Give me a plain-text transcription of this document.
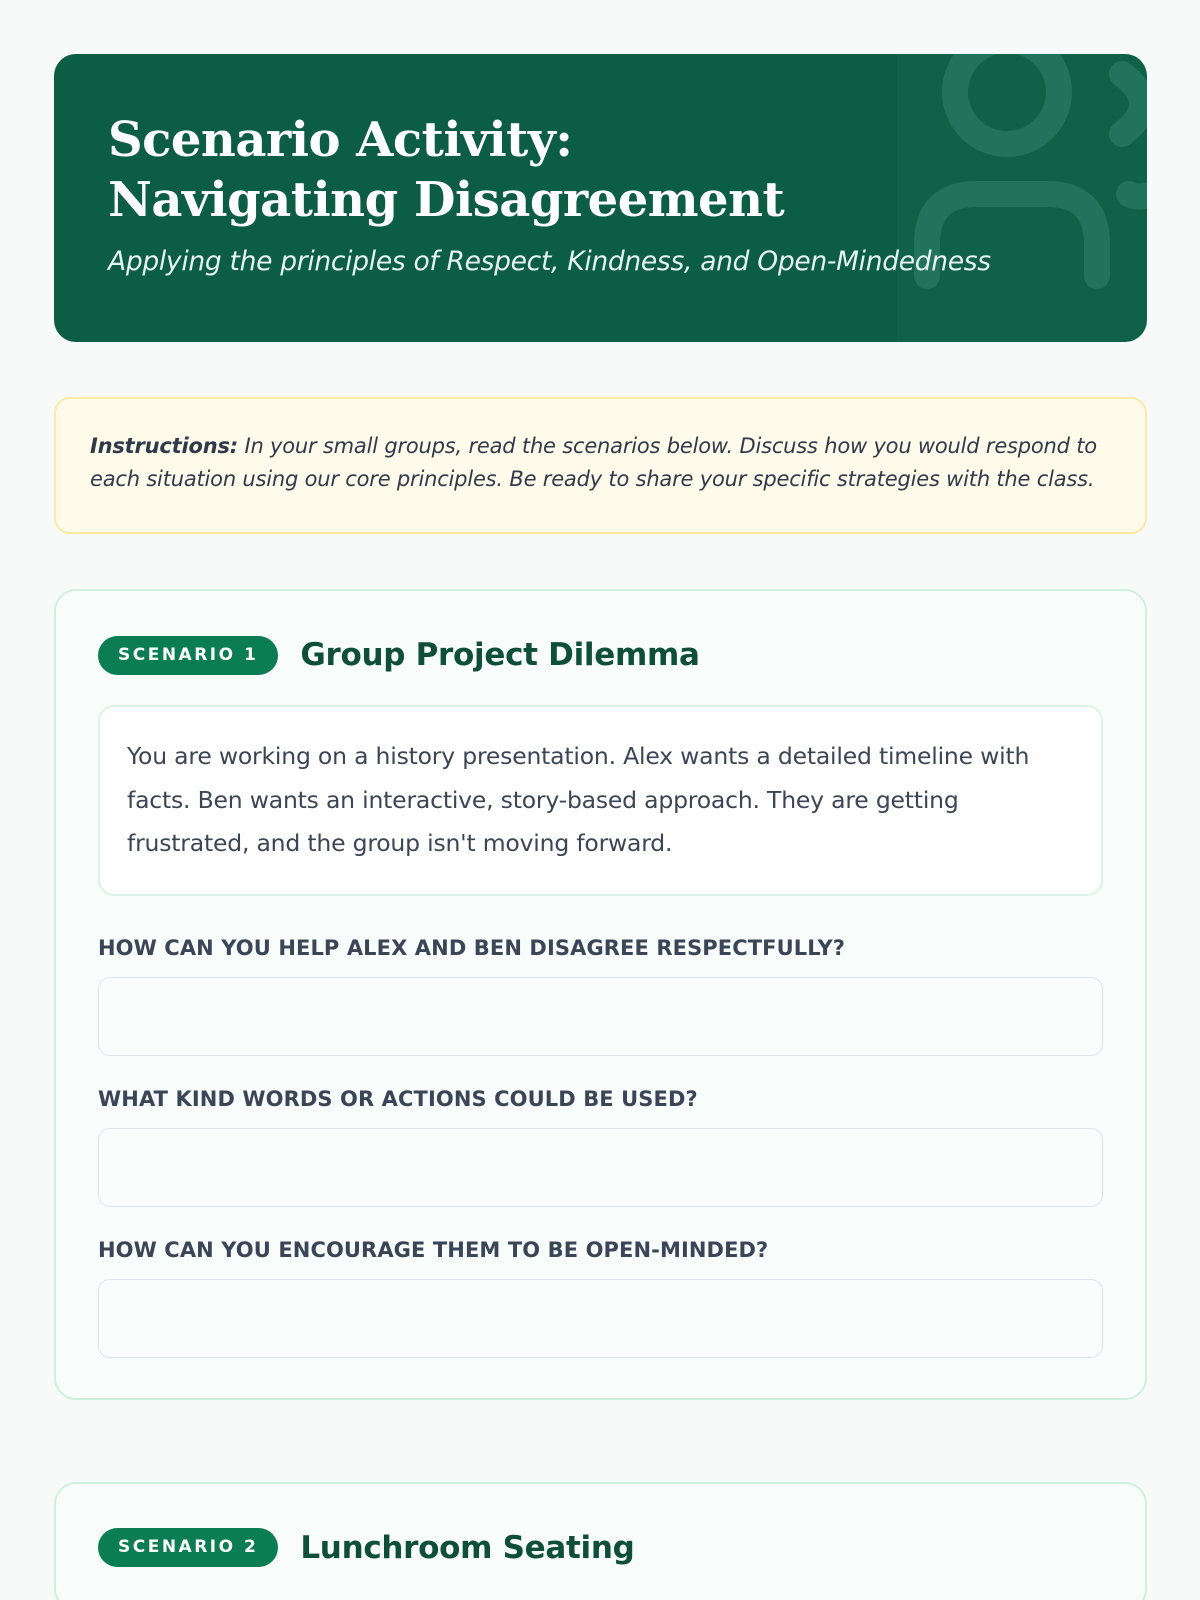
Scenario Activity: Navigating Disagreement

Applying the principles of Respect, Kindness, and Open-Mindedness

Instructions: In your small groups, read the scenarios below. Discuss how you would respond to each situation using our core principles. Be ready to share your specific strategies with the class.

SCENARIO 1	Group Project Dilemma

You are working on a history presentation. Alex wants a detailed timeline with facts. Ben wants an interactive, story-based approach. They are getting frustrated, and the group isn't moving forward.

HOW CAN YOU HELP ALEX AND BEN DISAGREE RESPECTFULLY?
WHAT KIND WORDS OR ACTIONS COULD BE USED?
HOW CAN YOU ENCOURAGE THEM TO BE OPEN-MINDED?
SCENARIO 2	Lunchroom Seating
